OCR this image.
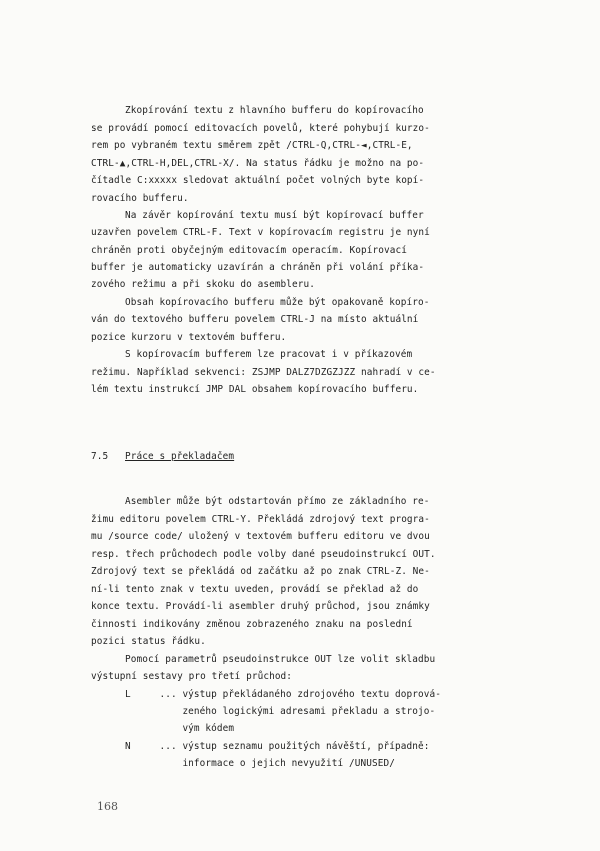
Zkopírování textu z hlavního bufferu do kopírovacího
se provádí pomocí editovacích povelů, které pohybují kurzo-
rem po vybraném textu směrem zpět /CTRL-Q,CTRL-◄,CTRL-E,
CTRL-▲,CTRL-H,DEL,CTRL-X/. Na status řádku je možno na po-
čítadle C:xxxxx sledovat aktuální počet volných byte kopí-
rovacího bufferu.
Na závěr kopírování textu musí být kopírovací buffer
uzavřen povelem CTRL-F. Text v kopírovacím registru je nyní
chráněn proti obyčejným editovacím operacím. Kopírovací
buffer je automaticky uzavírán a chráněn při volání příka-
zového režimu a při skoku do asembleru.
Obsah kopírovacího bufferu může být opakovaně kopíro-
ván do textového bufferu povelem CTRL-J na místo aktuální
pozice kurzoru v textovém bufferu.
S kopírovacím bufferem lze pracovat i v příkazovém
režimu. Například sekvenci: ZSJMP DALZ7DZGZJZZ nahradí v ce-
lém textu instrukcí JMP DAL obsahem kopírovacího bufferu.
7.5 Práce s překladačem
Asembler může být odstartován přímo ze základního re-
žimu editoru povelem CTRL-Y. Překládá zdrojový text progra-
mu /source code/ uložený v textovém bufferu editoru ve dvou
resp. třech průchodech podle volby dané pseudoinstrukcí OUT.
Zdrojový text se překládá od začátku až po znak CTRL-Z. Ne-
ní-li tento znak v textu uveden, provádí se překlad až do
konce textu. Provádí-li asembler druhý průchod, jsou známky
činnosti indikovány změnou zobrazeného znaku na poslední
pozici status řádku.
Pomocí parametrů pseudoinstrukce OUT lze volit skladbu
výstupní sestavy pro třetí průchod:
L     ... výstup překládaného zdrojového textu doprová-
zeného logickými adresami překladu a strojo-
vým kódem
N     ... výstup seznamu použitých návěští, případně:
informace o jejich nevyužití /UNUSED/
168
